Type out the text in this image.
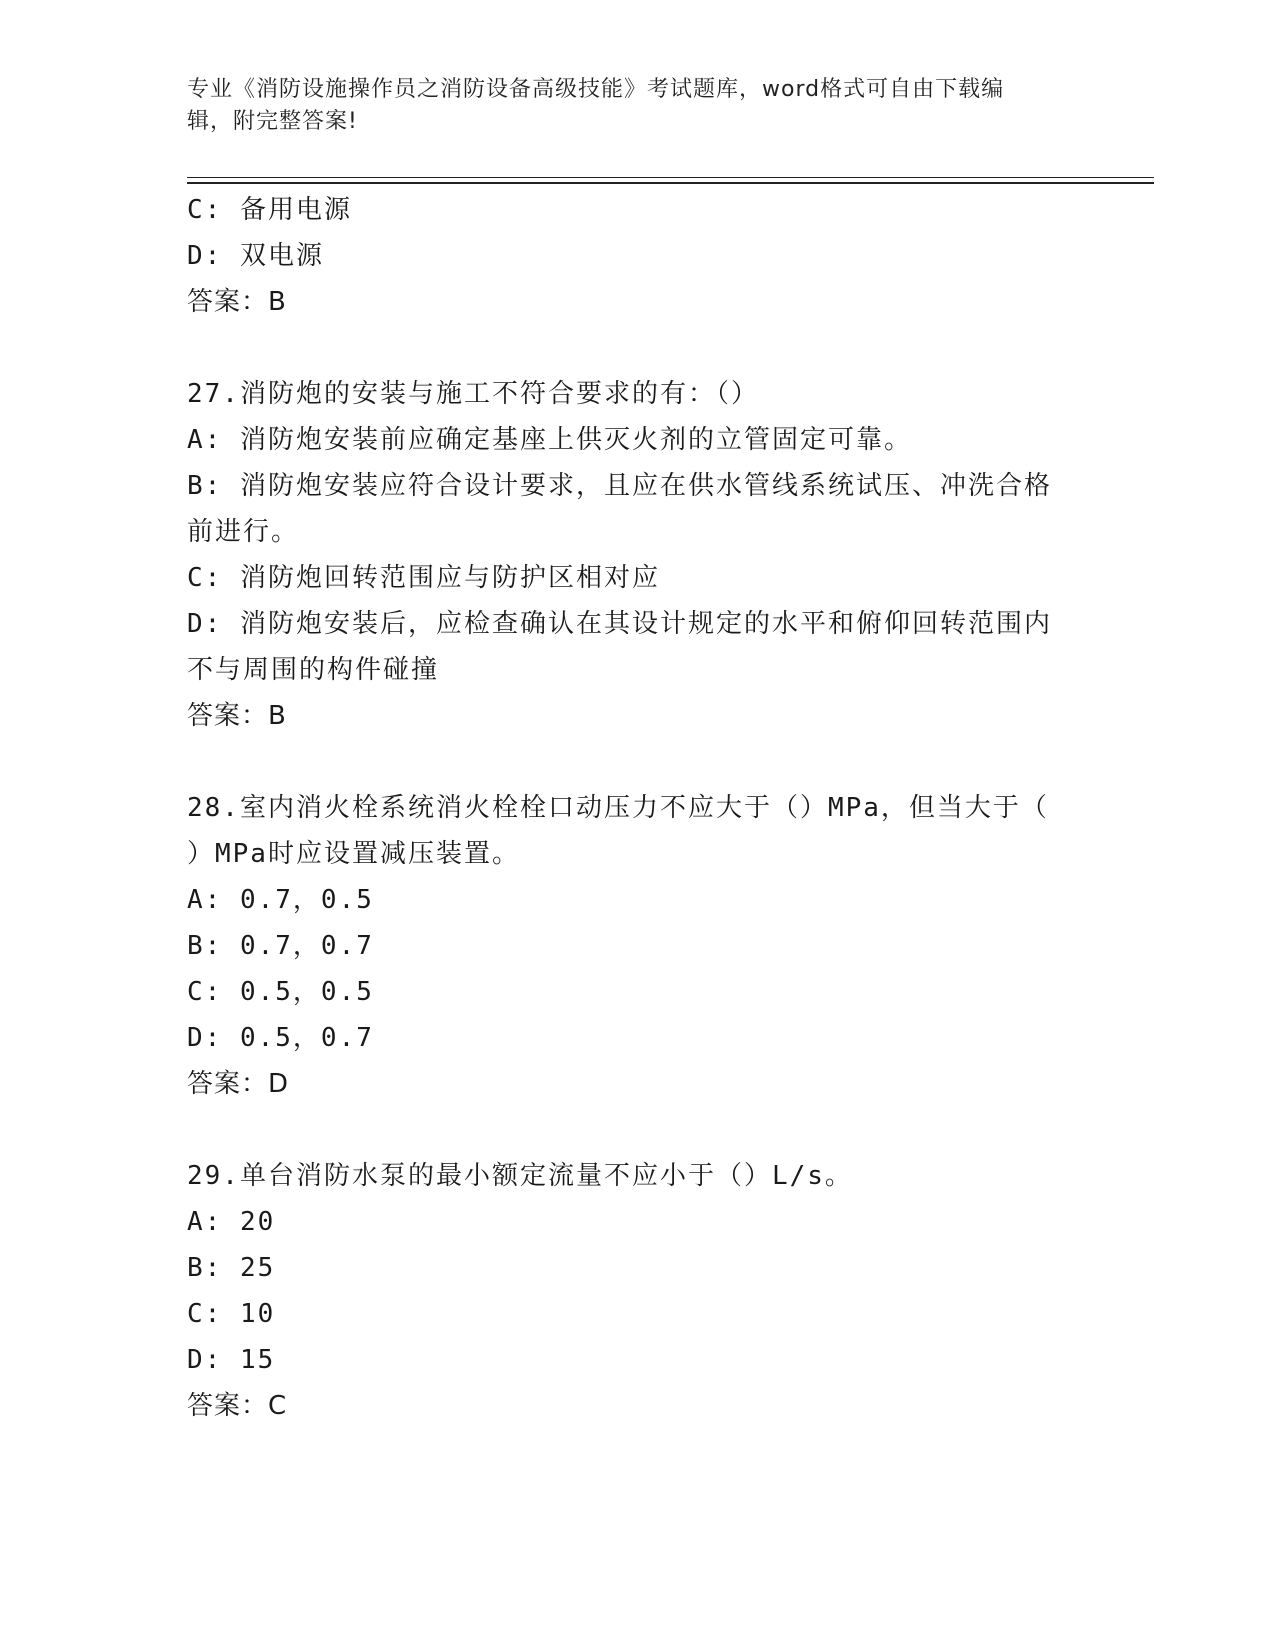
专业《消防设施操作员之消防设备高级技能》考试题库，word格式可自由下载编
辑，附完整答案!
C: 备用电源
D: 双电源
答案：B
27.消防炮的安装与施工不符合要求的有：（）
A: 消防炮安装前应确定基座上供灭火剂的立管固定可靠。
B: 消防炮安装应符合设计要求，且应在供水管线系统试压、冲洗合格
前进行。
C: 消防炮回转范围应与防护区相对应
D: 消防炮安装后，应检查确认在其设计规定的水平和俯仰回转范围内
不与周围的构件碰撞
答案：B
28.室内消火栓系统消火栓栓口动压力不应大于（）MPa，但当大于（
）MPa时应设置减压装置。
A: 0.7，0.5
B: 0.7，0.7
C: 0.5，0.5
D: 0.5，0.7
答案：D
29.单台消防水泵的最小额定流量不应小于（）L/s。
A: 20
B: 25
C: 10
D: 15
答案：C
